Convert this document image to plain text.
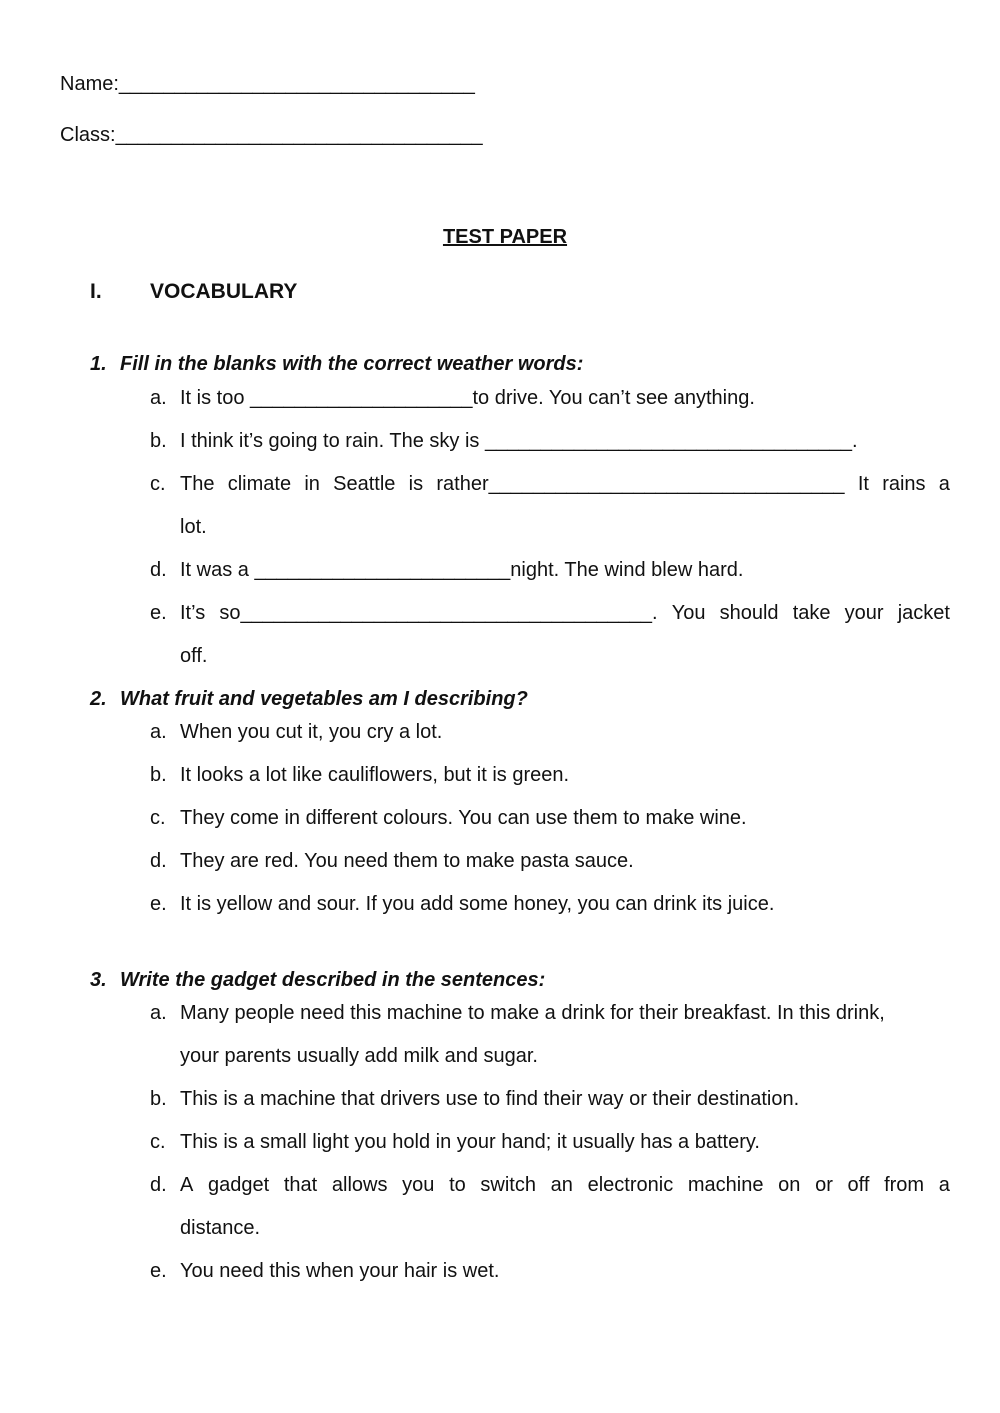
Name:________________________________
Class:_________________________________
TEST PAPER
I. VOCABULARY
1. Fill in the blanks with the correct weather words:
a. It is too ____________________to drive. You can’t see anything.
b. I think it’s going to rain. The sky is _________________________________.
c. The climate in Seattle is rather________________________________ It rains a
lot.
d. It was a _______________________night. The wind blew hard.
e. It’s so_____________________________________. You should take your jacket
off.
2. What fruit and vegetables am I describing?
a. When you cut it, you cry a lot.
b. It looks a lot like cauliflowers, but it is green.
c. They come in different colours. You can use them to make wine.
d. They are red. You need them to make pasta sauce.
e. It is yellow and sour. If you add some honey, you can drink its juice.
3. Write the gadget described in the sentences:
a. Many people need this machine to make a drink for their breakfast. In this drink,
your parents usually add milk and sugar.
b. This is a machine that drivers use to find their way or their destination.
c. This is a small light you hold in your hand; it usually has a battery.
d. A gadget that allows you to switch an electronic machine on or off from a
distance.
e. You need this when your hair is wet.
